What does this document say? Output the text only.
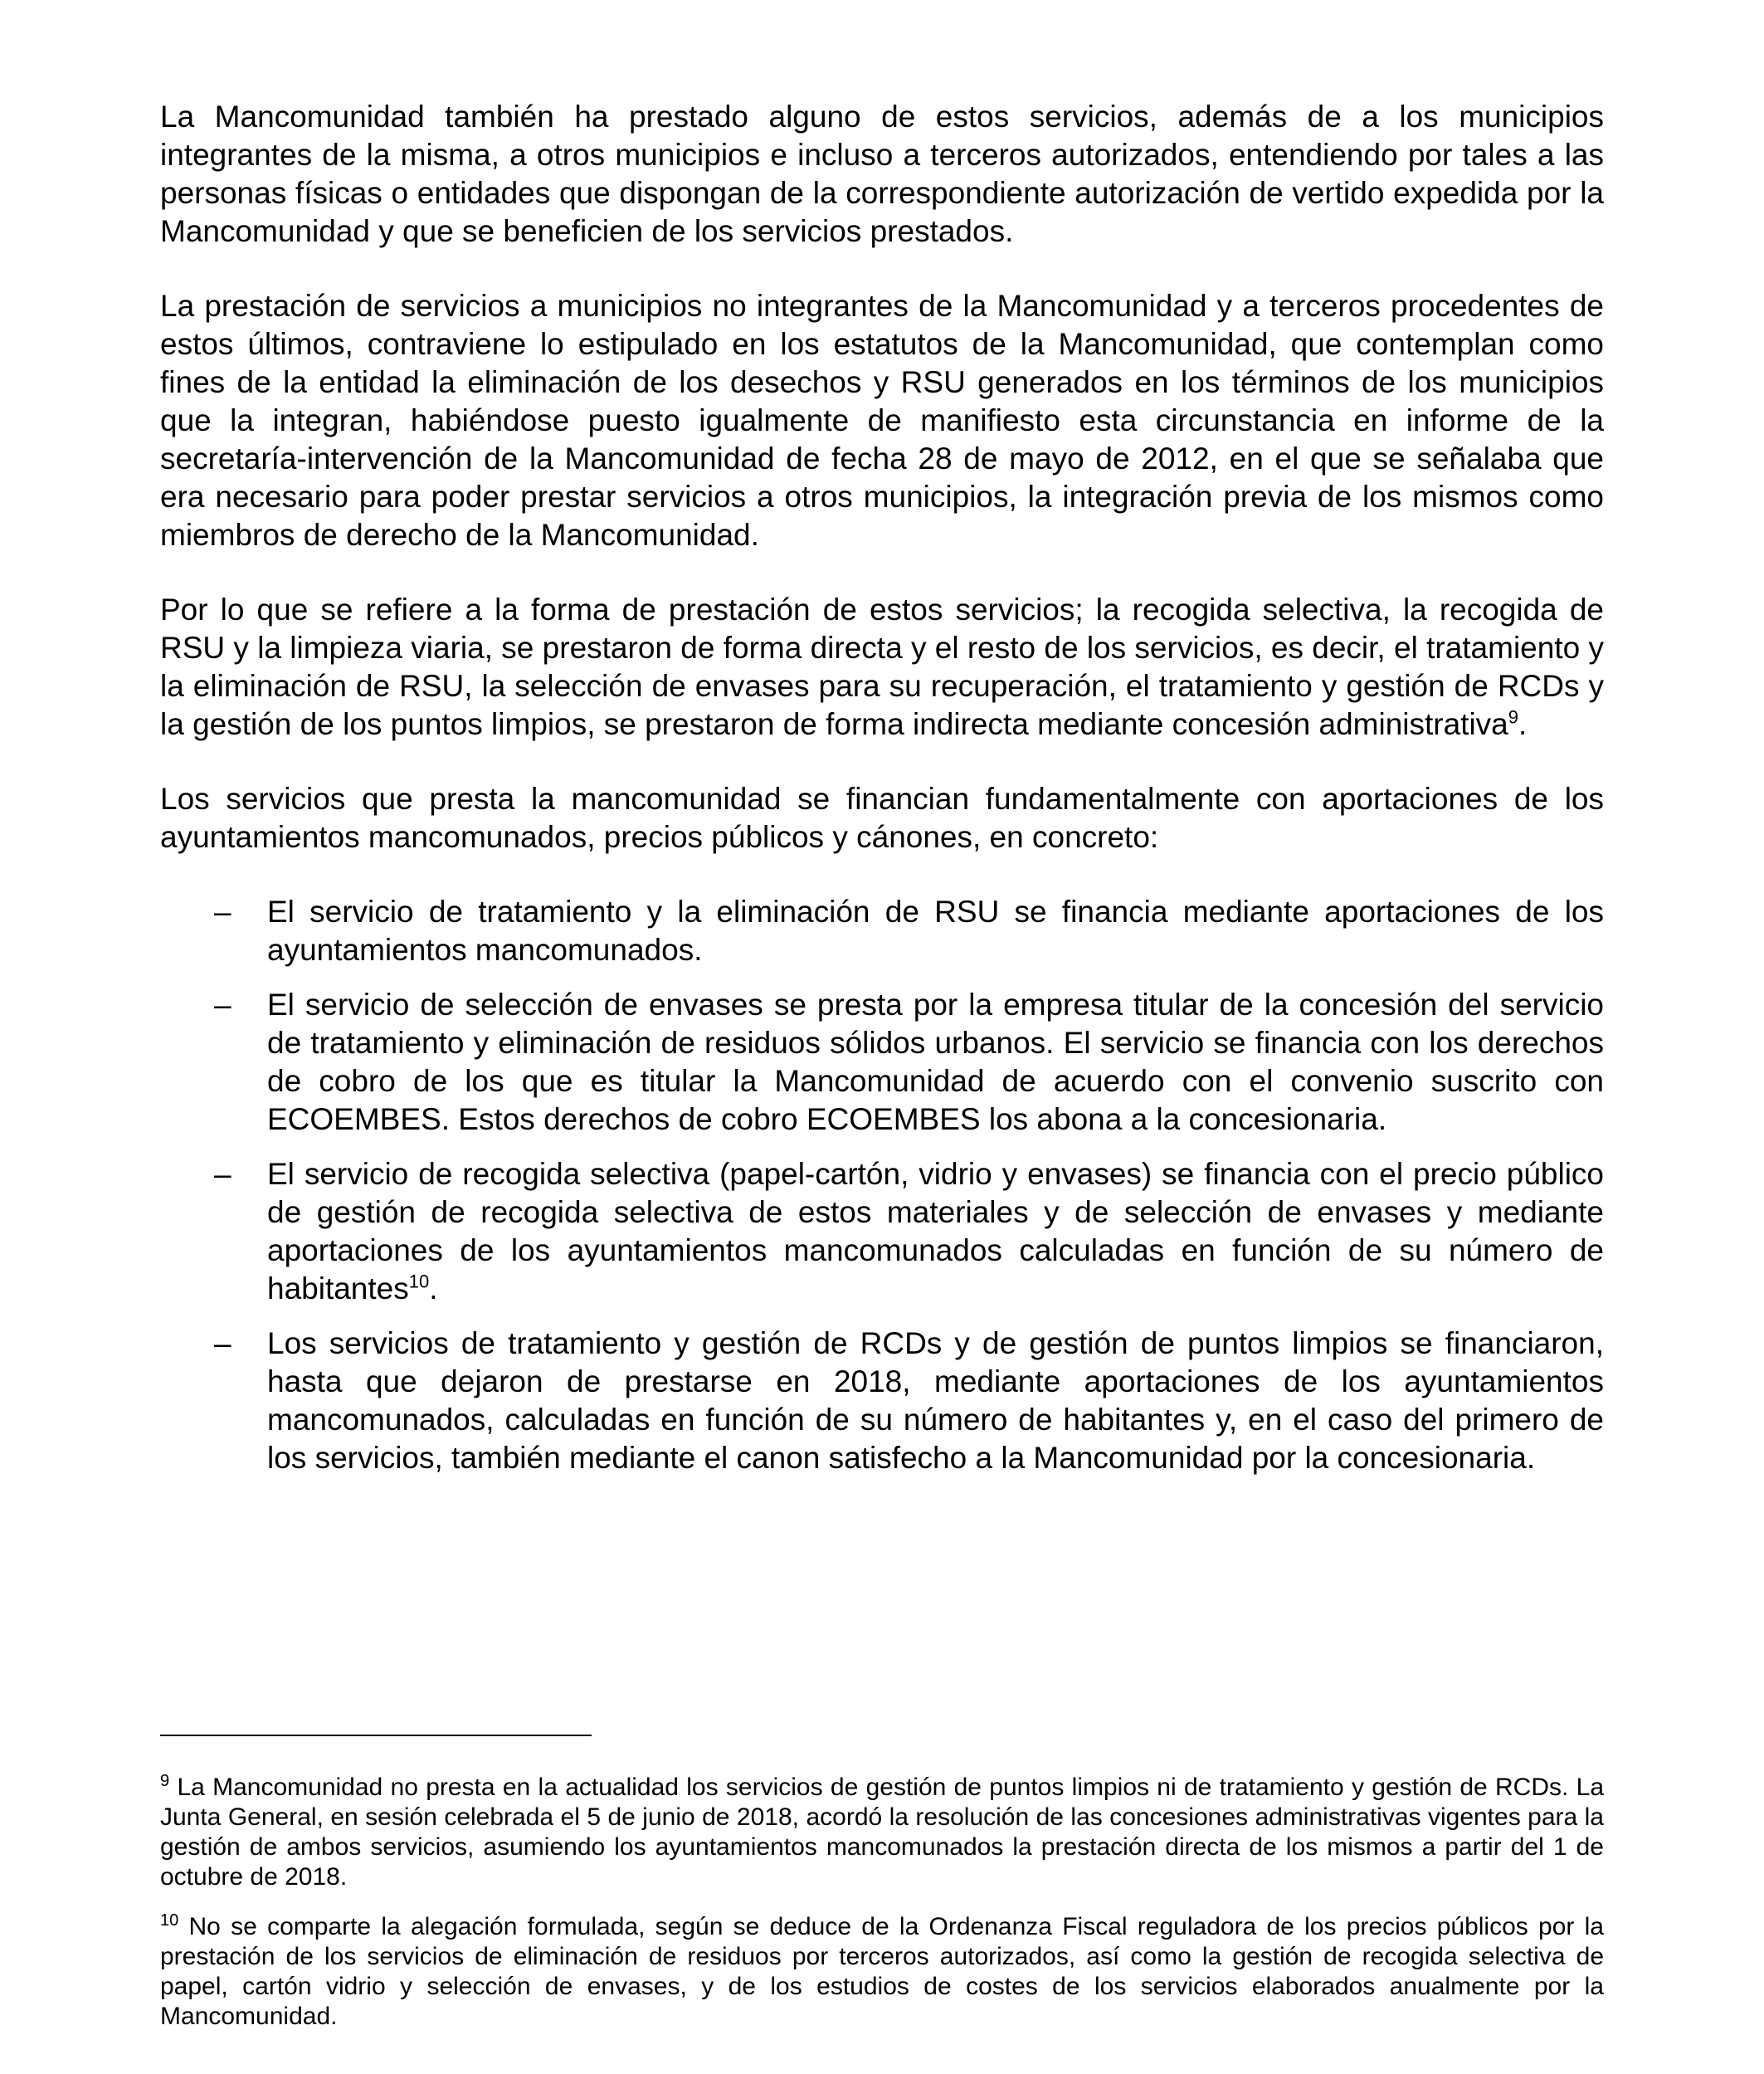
La Mancomunidad también ha prestado alguno de estos servicios, además de a los municipios integrantes de la misma, a otros municipios e incluso a terceros autorizados, entendiendo por tales a las personas físicas o entidades que dispongan de la correspondiente autorización de vertido expedida por la Mancomunidad y que se beneficien de los servicios prestados.

La prestación de servicios a municipios no integrantes de la Mancomunidad y a terceros procedentes de estos últimos, contraviene lo estipulado en los estatutos de la Mancomunidad, que contemplan como fines de la entidad la eliminación de los desechos y RSU generados en los términos de los municipios que la integran, habiéndose puesto igualmente de manifiesto esta circunstancia en informe de la secretaría-intervención de la Mancomunidad de fecha 28 de mayo de 2012, en el que se señalaba que era necesario para poder prestar servicios a otros municipios, la integración previa de los mismos como miembros de derecho de la Mancomunidad.

Por lo que se refiere a la forma de prestación de estos servicios; la recogida selectiva, la recogida de RSU y la limpieza viaria, se prestaron de forma directa y el resto de los servicios, es decir, el tratamiento y la eliminación de RSU, la selección de envases para su recuperación, el tratamiento y gestión de RCDs y la gestión de los puntos limpios, se prestaron de forma indirecta mediante concesión administrativa$^9$.

Los servicios que presta la mancomunidad se financian fundamentalmente con aportaciones de los ayuntamientos mancomunados, precios públicos y cánones, en concreto:

– El servicio de tratamiento y la eliminación de RSU se financia mediante aportaciones de los ayuntamientos mancomunados.
– El servicio de selección de envases se presta por la empresa titular de la concesión del servicio de tratamiento y eliminación de residuos sólidos urbanos. El servicio se financia con los derechos de cobro de los que es titular la Mancomunidad de acuerdo con el convenio suscrito con ECOEMBES. Estos derechos de cobro ECOEMBES los abona a la concesionaria.
– El servicio de recogida selectiva (papel-cartón, vidrio y envases) se financia con el precio público de gestión de recogida selectiva de estos materiales y de selección de envases y mediante aportaciones de los ayuntamientos mancomunados calculadas en función de su número de habitantes$^{10}$.
– Los servicios de tratamiento y gestión de RCDs y de gestión de puntos limpios se financiaron, hasta que dejaron de prestarse en 2018, mediante aportaciones de los ayuntamientos mancomunados, calculadas en función de su número de habitantes y, en el caso del primero de los servicios, también mediante el canon satisfecho a la Mancomunidad por la concesionaria.

$^9$ La Mancomunidad no presta en la actualidad los servicios de gestión de puntos limpios ni de tratamiento y gestión de RCDs. La Junta General, en sesión celebrada el 5 de junio de 2018, acordó la resolución de las concesiones administrativas vigentes para la gestión de ambos servicios, asumiendo los ayuntamientos mancomunados la prestación directa de los mismos a partir del 1 de octubre de 2018.

$^{10}$ No se comparte la alegación formulada, según se deduce de la Ordenanza Fiscal reguladora de los precios públicos por la prestación de los servicios de eliminación de residuos por terceros autorizados, así como la gestión de recogida selectiva de papel, cartón vidrio y selección de envases, y de los estudios de costes de los servicios elaborados anualmente por la Mancomunidad.
